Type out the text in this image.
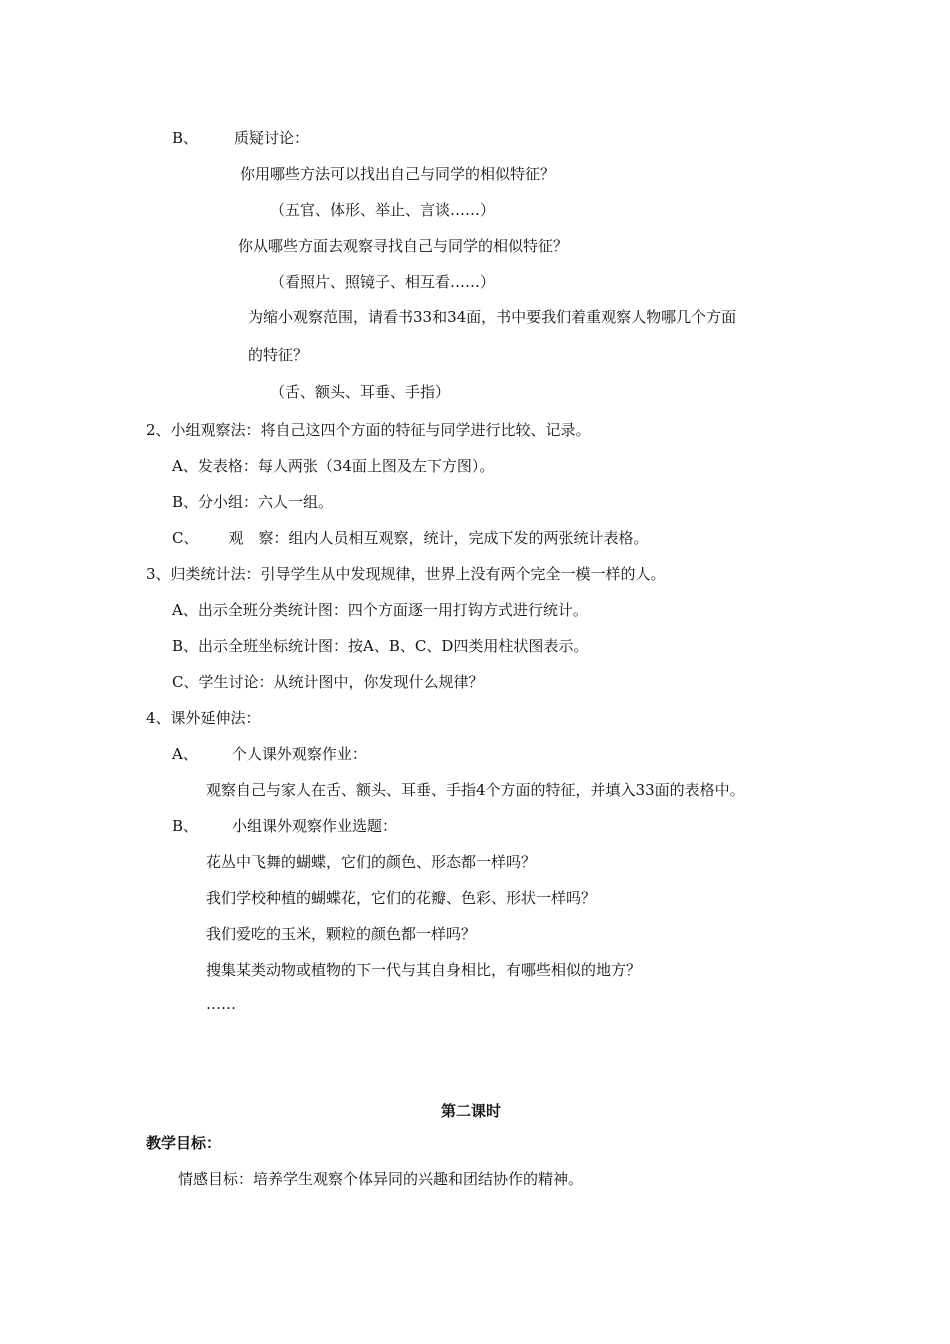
B、 质疑讨论：
你用哪些方法可以找出自己与同学的相似特征？
（五官、体形、举止、言谈……）
你从哪些方面去观察寻找自己与同学的相似特征？
（看照片、照镜子、相互看……）
为缩小观察范围，请看书33和34面，书中要我们着重观察人物哪几个方面
的特征？
（舌、额头、耳垂、手指）
2、小组观察法：将自己这四个方面的特征与同学进行比较、记录。
A、发表格：每人两张（34面上图及左下方图）。
B、分小组：六人一组。
C、 观　察：组内人员相互观察，统计，完成下发的两张统计表格。
3、归类统计法：引导学生从中发现规律，世界上没有两个完全一模一样的人。
A、出示全班分类统计图：四个方面逐一用打钩方式进行统计。
B、出示全班坐标统计图：按A、B、C、D四类用柱状图表示。
C、学生讨论：从统计图中，你发现什么规律？
4、课外延伸法：
A、 个人课外观察作业：
观察自己与家人在舌、额头、耳垂、手指4个方面的特征，并填入33面的表格中。
B、 小组课外观察作业选题：
花丛中飞舞的蝴蝶，它们的颜色、形态都一样吗？
我们学校种植的蝴蝶花，它们的花瓣、色彩、形状一样吗？
我们爱吃的玉米，颗粒的颜色都一样吗？
搜集某类动物或植物的下一代与其自身相比，有哪些相似的地方？
……
第二课时
教学目标：
情感目标：培养学生观察个体异同的兴趣和团结协作的精神。
